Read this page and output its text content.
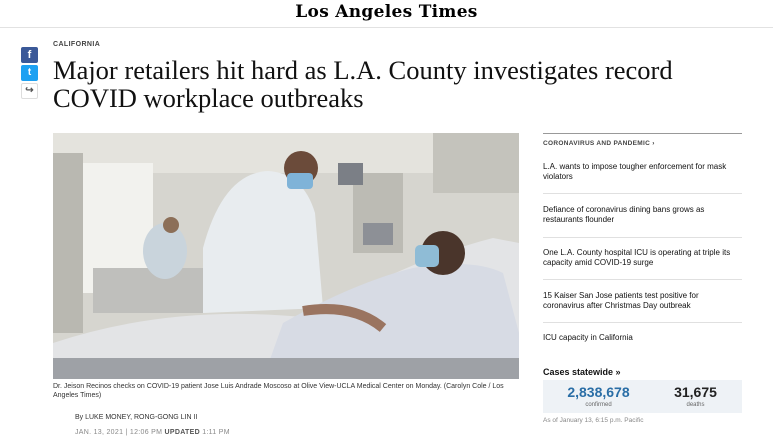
Los Angeles Times
f
t
↪
CALIFORNIA
Major retailers hit hard as L.A. County investigates record COVID workplace outbreaks
Dr. Jeison Recinos checks on COVID-19 patient Jose Luis Andrade Moscoso at Olive View-UCLA Medical Center on Monday. (Carolyn Cole / Los Angeles Times)
By LUKE MONEY, RONG-GONG LIN II
JAN. 13, 2021 | 12:06 PM UPDATED 1:11 PM
CORONAVIRUS AND PANDEMIC ›
L.A. wants to impose tougher enforcement for mask violators
Defiance of coronavirus dining bans grows as restaurants flounder
One L.A. County hospital ICU is operating at triple its capacity amid COVID-19 surge
15 Kaiser San Jose patients test positive for coronavirus after Christmas Day outbreak
ICU capacity in California
Cases statewide »
2,838,678
confirmed
31,675
deaths
As of January 13, 6:15 p.m. Pacific
